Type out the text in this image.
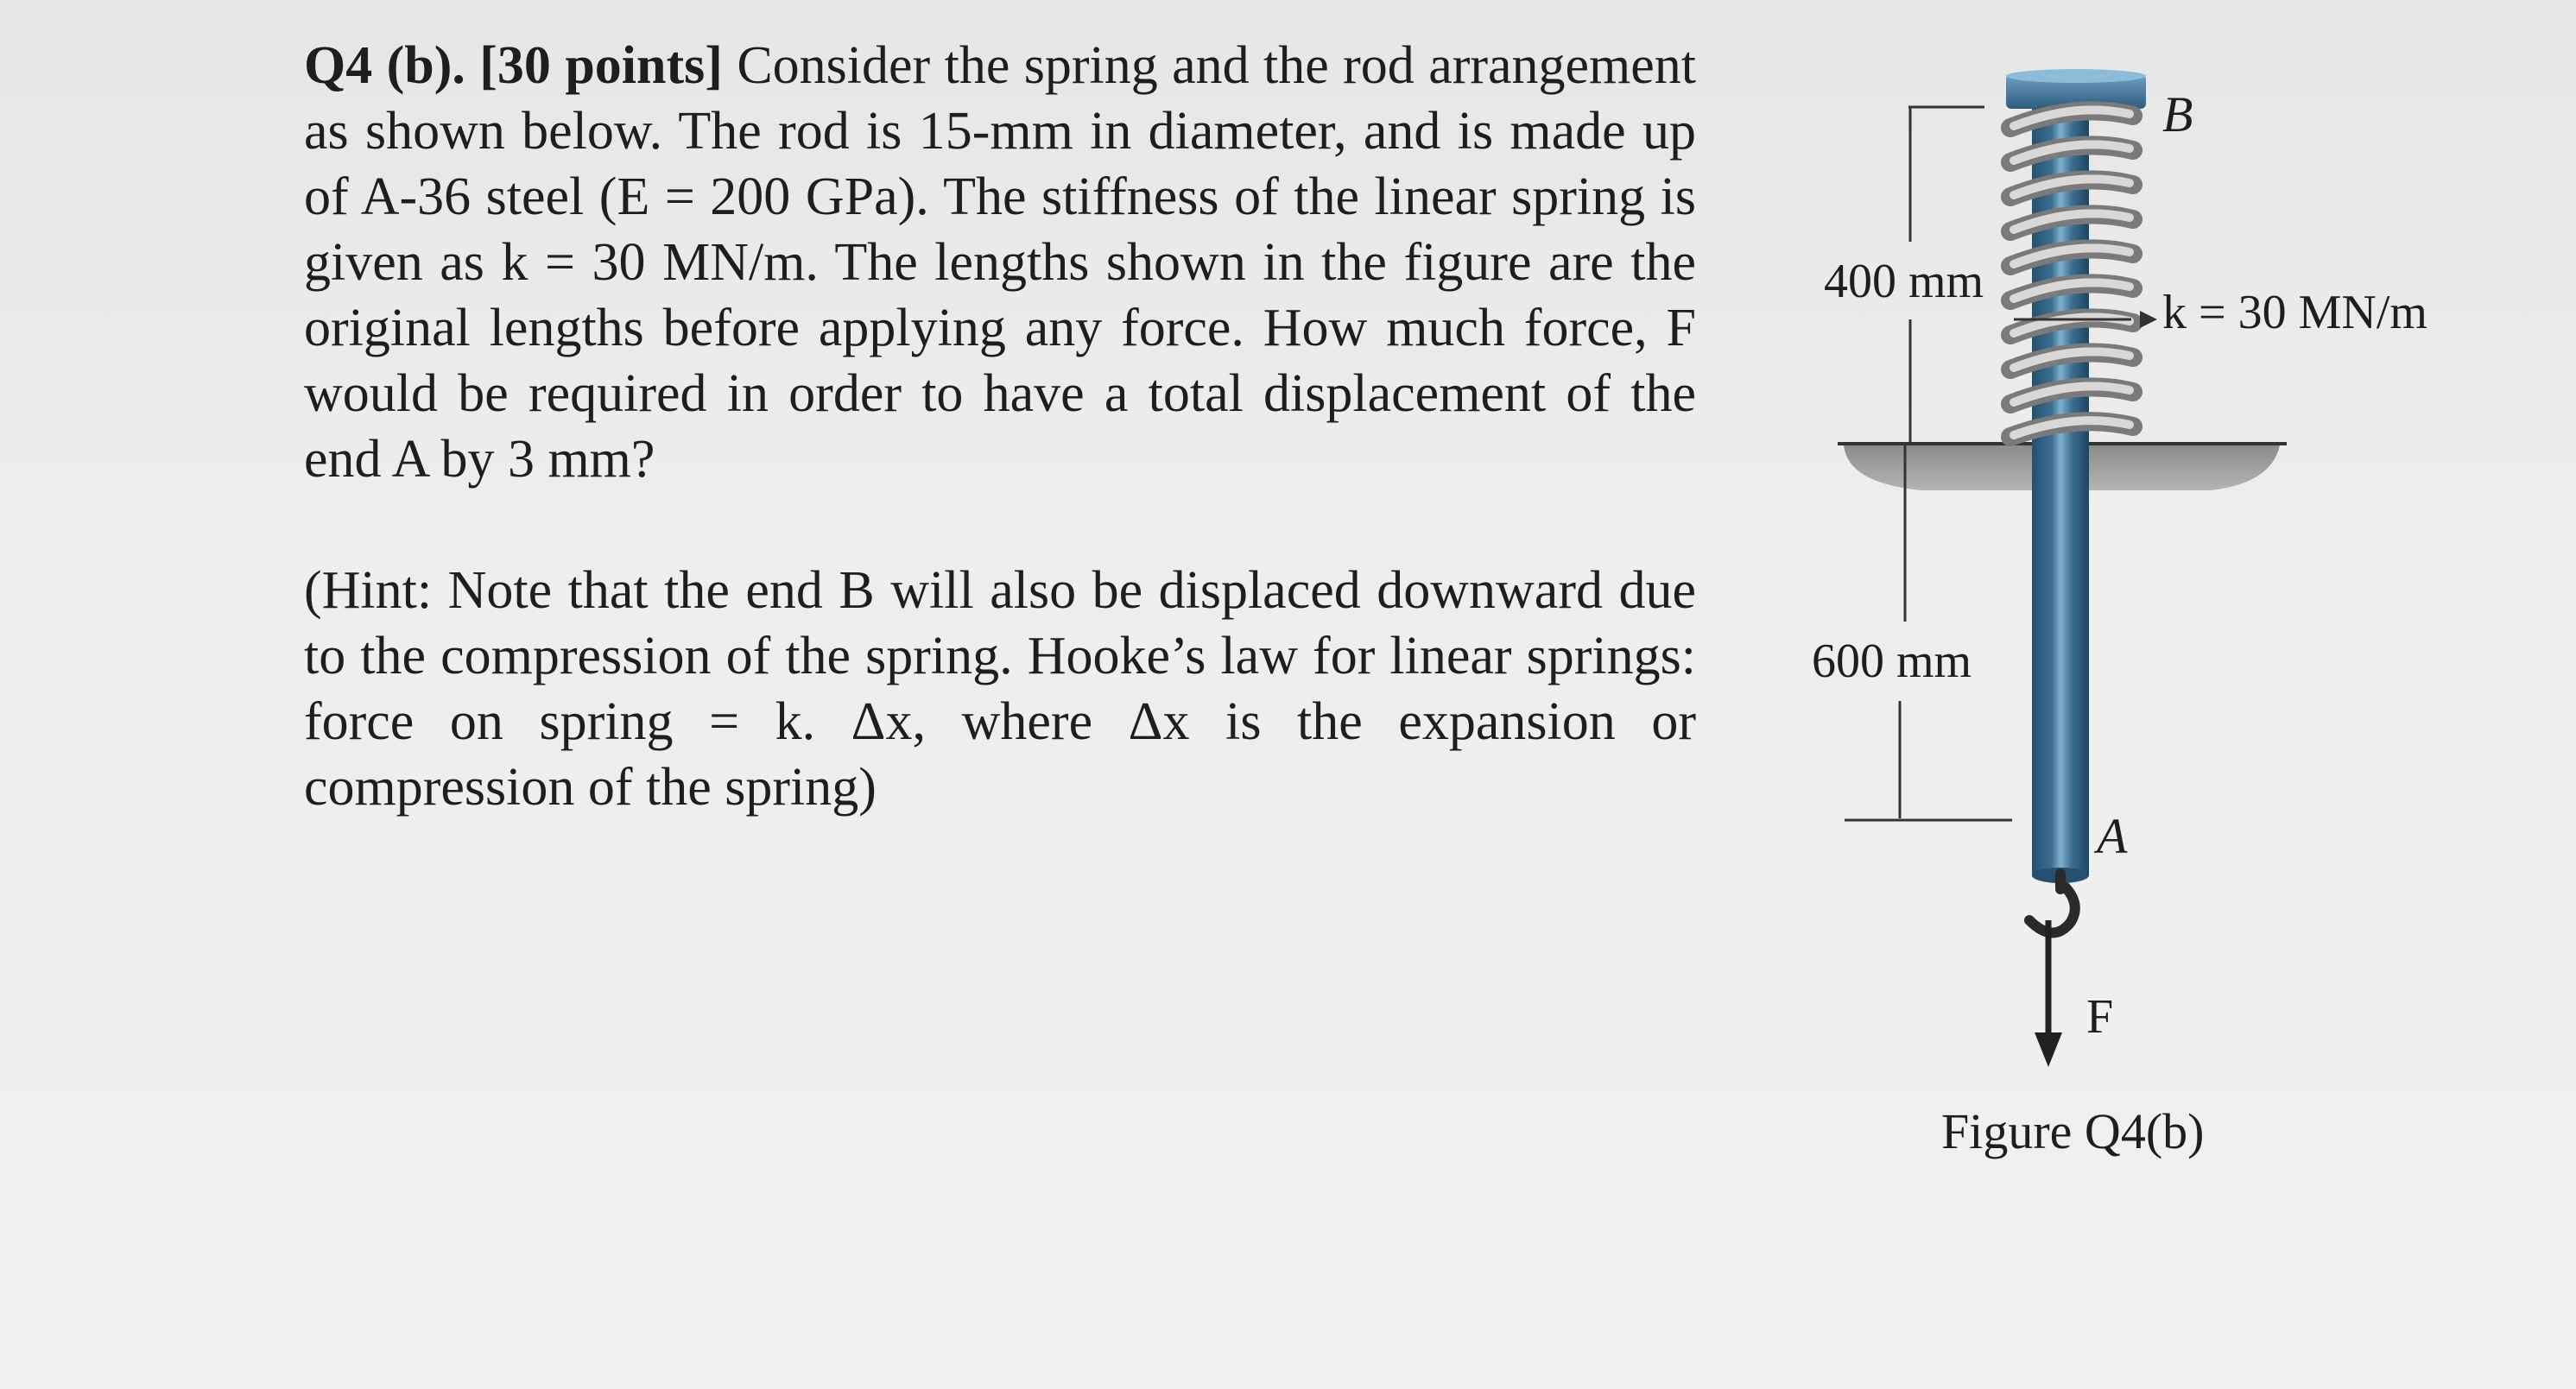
Q4 (b). [30 points] Consider the spring and the rod arrangement as shown below. The rod is 15-mm in diameter, and is made up of A-36 steel (E = 200 GPa). The stiffness of the linear spring is given as k = 30 MN/m. The lengths shown in the figure are the original lengths before applying any force. How much force, F would be required in order to have a total displacement of the end A by 3 mm?
(Hint: Note that the end B will also be displaced downward due to the compression of the spring. Hooke’s law for linear springs: force on spring = k. Δx, where Δx is the expansion or compression of the spring)
B
400 mm
k = 30 MN/m
600 mm
A
F
Figure Q4(b)
